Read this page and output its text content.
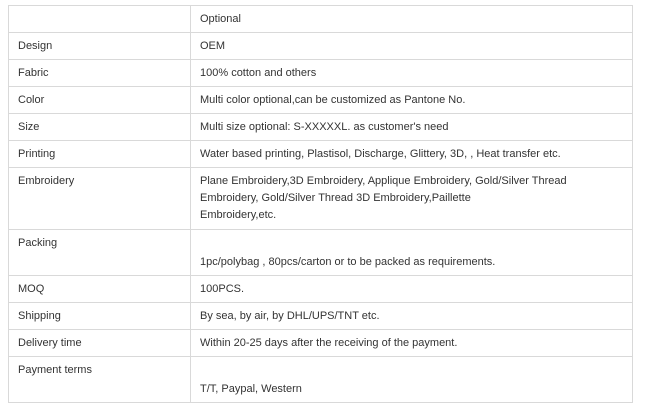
	Optional
Design	OEM
Fabric	100% cotton and others
Color	Multi color optional,can be customized as Pantone No.
Size	Multi size optional: S-XXXXXL. as customer's need
Printing	Water based printing, Plastisol, Discharge, Glittery, 3D, , Heat transfer etc.
Embroidery	Plane Embroidery,3D Embroidery, Applique Embroidery, Gold/Silver Thread
Embroidery, Gold/Silver Thread 3D Embroidery,Paillette
Embroidery,etc.

Packing	1pc/polybag , 80pcs/carton or to be packed as requirements.
MOQ	100PCS.
Shipping	By sea, by air, by DHL/UPS/TNT etc.
Delivery time	Within 20-25 days after the receiving of the payment.
Payment terms	T/T, Paypal, Western
